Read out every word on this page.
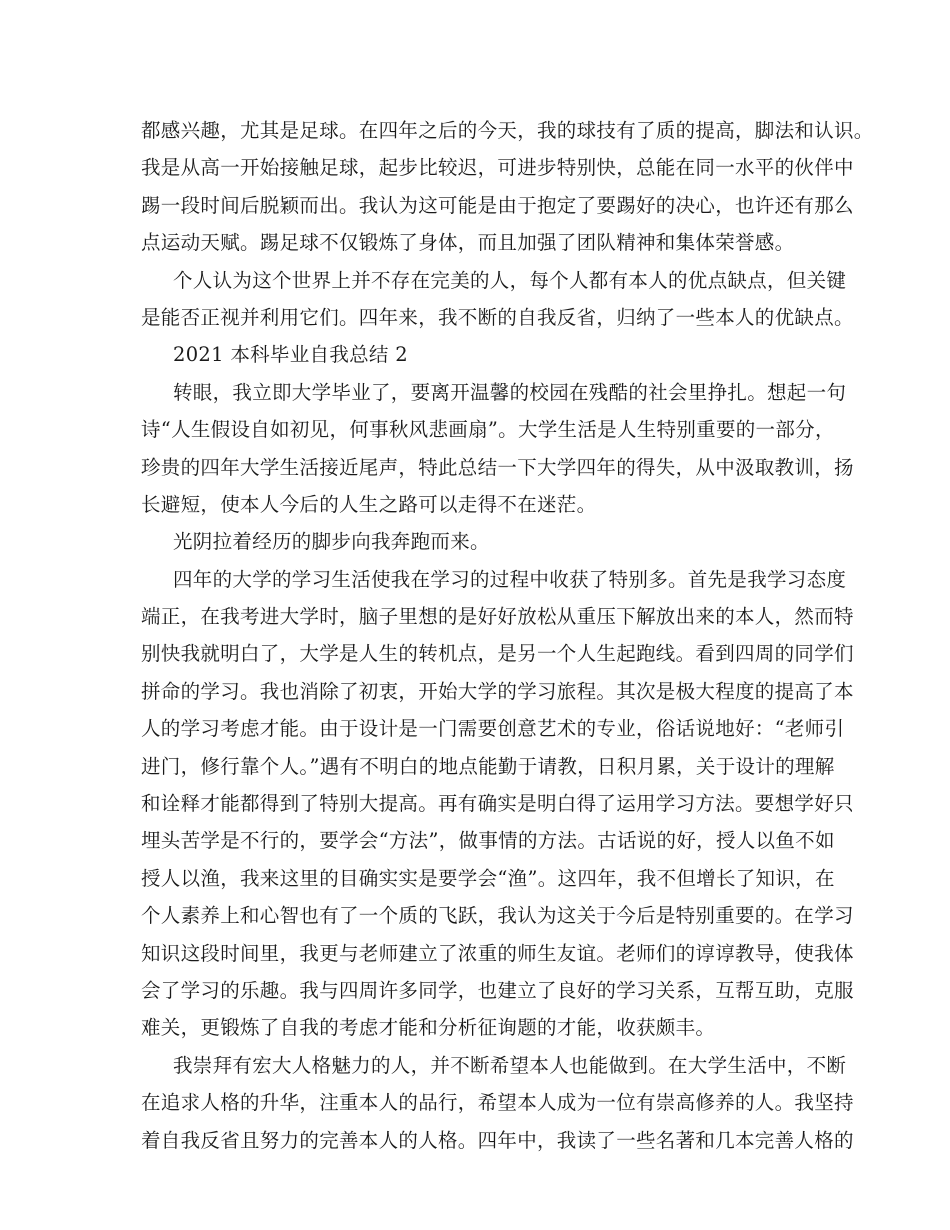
都感兴趣，尤其是足球。在四年之后的今天，我的球技有了质的提高，脚法和认识。
我是从高一开始接触足球，起步比较迟，可进步特别快，总能在同一水平的伙伴中
踢一段时间后脱颖而出。我认为这可能是由于抱定了要踢好的决心，也许还有那么
点运动天赋。踢足球不仅锻炼了身体，而且加强了团队精神和集体荣誉感。
个人认为这个世界上并不存在完美的人，每个人都有本人的优点缺点，但关键
是能否正视并利用它们。四年来，我不断的自我反省，归纳了一些本人的优缺点。
2021 本科毕业自我总结 2
转眼，我立即大学毕业了，要离开温馨的校园在残酷的社会里挣扎。想起一句
诗“人生假设自如初见，何事秋风悲画扇”。大学生活是人生特别重要的一部分，
珍贵的四年大学生活接近尾声，特此总结一下大学四年的得失，从中汲取教训，扬
长避短，使本人今后的人生之路可以走得不在迷茫。
光阴拉着经历的脚步向我奔跑而来。
四年的大学的学习生活使我在学习的过程中收获了特别多。首先是我学习态度
端正，在我考进大学时，脑子里想的是好好放松从重压下解放出来的本人，然而特
别快我就明白了，大学是人生的转机点，是另一个人生起跑线。看到四周的同学们
拼命的学习。我也消除了初衷，开始大学的学习旅程。其次是极大程度的提高了本
人的学习考虑才能。由于设计是一门需要创意艺术的专业，俗话说地好：“老师引
进门，修行靠个人。”遇有不明白的地点能勤于请教，日积月累，关于设计的理解
和诠释才能都得到了特别大提高。再有确实是明白得了运用学习方法。要想学好只
埋头苦学是不行的，要学会“方法”，做事情的方法。古话说的好，授人以鱼不如
授人以渔，我来这里的目确实实是要学会“渔”。这四年，我不但增长了知识，在
个人素养上和心智也有了一个质的飞跃，我认为这关于今后是特别重要的。在学习
知识这段时间里，我更与老师建立了浓重的师生友谊。老师们的谆谆教导，使我体
会了学习的乐趣。我与四周许多同学，也建立了良好的学习关系，互帮互助，克服
难关，更锻炼了自我的考虑才能和分析征询题的才能，收获颇丰。
我崇拜有宏大人格魅力的人，并不断希望本人也能做到。在大学生活中，不断
在追求人格的升华，注重本人的品行，希望本人成为一位有崇高修养的人。我坚持
着自我反省且努力的完善本人的人格。四年中，我读了一些名著和几本完善人格的
